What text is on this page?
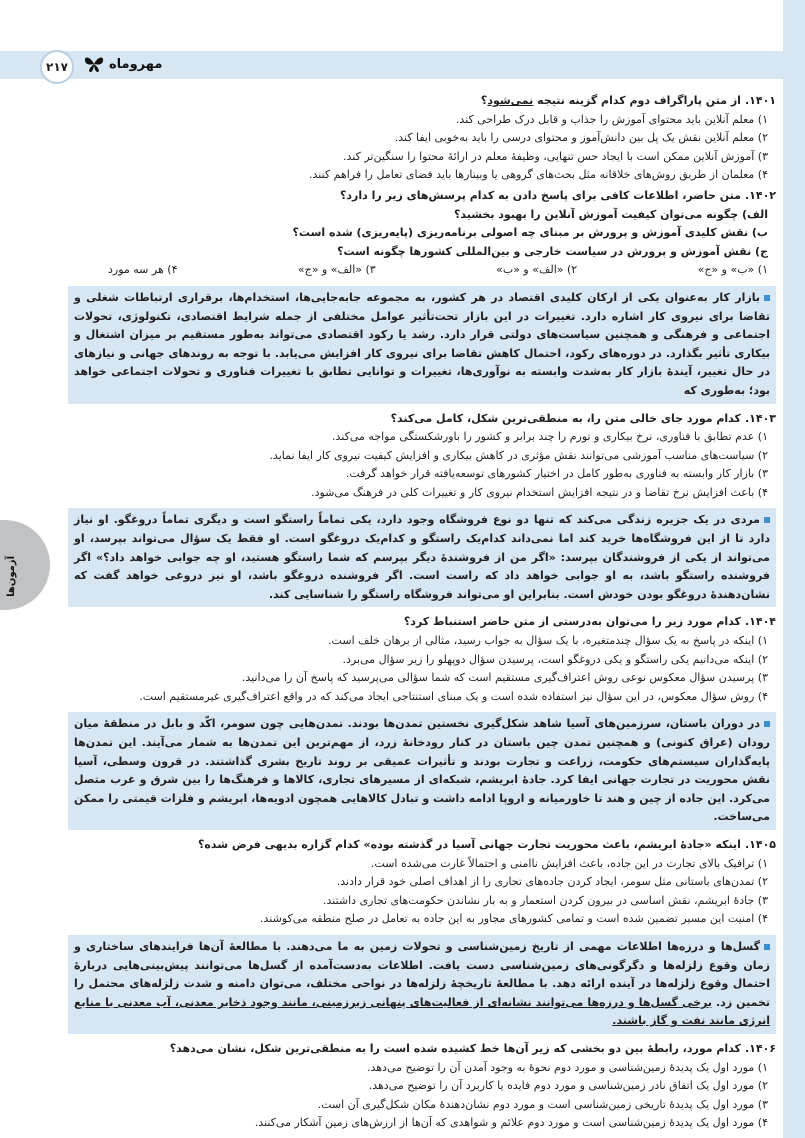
۲۱۷	مهروماه
آزمون‌ها
۱۴۰۱.از متن پاراگراف دوم کدام گزینه نتیجه نمی‌شود؟
۱) معلم آنلاین باید محتوای آموزش را جذاب و قابل درک طراحی کند.
۲) معلم آنلاین نقش یک پل بین دانش‌آموز و محتوای درسی را باید به‌خوبی ایفا کند.
۳) آموزش آنلاین ممکن است با ایجاد حس تنهایی، وظیفهٔ معلم در ارائهٔ محتوا را سنگین‌تر کند.
۴) معلمان از طریق روش‌های خلاقانه مثل بحث‌های گروهی یا وبینارها باید فضای تعامل را فراهم کنند.
۱۴۰۲.متن حاضر، اطلاعات کافی برای پاسخ دادن به کدام پرسش‌های زیر را دارد؟
الف) چگونه می‌توان کیفیت آموزش آنلاین را بهبود بخشید؟
ب) نقش کلیدی آموزش و پرورش بر مبنای چه اصولی برنامه‌ریزی (پایه‌ریزی) شده است؟
ج) نقش آموزش و پرورش در سیاست خارجی و بین‌المللی کشورها چگونه است؟
۱) «ب» و «ج»
۲) «الف» و «ب»
۳) «الف» و «ج»
۴) هر سه مورد
بازار کار به‌عنوان یکی از ارکان کلیدی اقتصاد در هر کشور، به مجموعه جابه‌جایی‌ها، استخدام‌ها، برقراری ارتباطات شغلی و تقاضا برای نیروی کار اشاره دارد. تغییرات در این بازار تحت‌تأثیر عوامل مختلفی از جمله شرایط اقتصادی، تکنولوژی، تحولات اجتماعی و فرهنگی و همچنین سیاست‌های دولتی قرار دارد. رشد یا رکود اقتصادی می‌تواند به‌طور مستقیم بر میزان اشتغال و بیکاری تأثیر بگذارد. در دوره‌های رکود، احتمال کاهش تقاضا برای نیروی کار افزایش می‌یابد. با توجه به روندهای جهانی و نیازهای در حال تغییر، آیندهٔ بازار کار به‌شدت وابسته به نوآوری‌ها، تغییرات و توانایی تطابق با تغییرات فناوری و تحولات اجتماعی خواهد بود؛ به‌طوری که
۱۴۰۳.کدام مورد جای خالی متن را، به منطقی‌ترین شکل، کامل می‌کند؟
۱) عدم تطابق با فناوری، نرخ بیکاری و تورم را چند برابر و کشور را باورشکستگی مواجه می‌کند.
۲) سیاست‌های مناسب آموزشی می‌توانند نقش مؤثری در کاهش بیکاری و افزایش کیفیت نیروی کار ایفا نماید.
۳) بازار کار وابسته به فناوری به‌طور کامل در اختیار کشورهای توسعه‌یافته قرار خواهد گرفت.
۴) باعث افزایش نرخ تقاضا و در نتیجه افزایش استخدام نیروی کار و تغییرات کلی در فرهنگ می‌شود.
مردی در یک جزیره زندگی می‌کند که تنها دو نوع فروشگاه وجود دارد، یکی تماماً راستگو است و دیگری تماماً دروغگو. او نیاز دارد تا از این فروشگاه‌ها خرید کند اما نمی‌داند کدام‌یک راستگو و کدام‌یک دروغگو است. او فقط یک سؤال می‌تواند بپرسد، او می‌تواند از یکی از فروشندگان بپرسد: «اگر من از فروشندهٔ دیگر بپرسم که شما راستگو هستید، او چه جوابی خواهد داد؟» اگر فروشنده راستگو باشد، به او جوابی خواهد داد که راست است. اگر فروشنده دروغگو باشد، او نیز دروغی خواهد گفت که نشان‌دهندهٔ دروغگو بودن خودش است. بنابراین او می‌تواند فروشگاه راستگو را شناسایی کند.
۱۴۰۴.کدام مورد زیر را می‌توان به‌درستی از متن حاضر استنباط کرد؟
۱) اینکه در پاسخ به یک سؤال چندمتغیره، با یک سؤال به جواب رسید، مثالی از برهان خلف است.
۲) اینکه می‌دانیم یکی راستگو و یکی دروغگو است، پرسیدن سؤال دوپهلو را زیر سؤال می‌برد.
۳) پرسیدن سؤال معکوس نوعی روش اعتراف‌گیری مستقیم است که شما سؤالی می‌پرسید که پاسخ آن را می‌دانید.
۴) روش سؤال معکوس، در این سؤال نیز استفاده شده است و یک مبنای استنتاجی ایجاد می‌کند که در واقع اعتراف‌گیری غیرمستقیم است.
در دوران باستان، سرزمین‌های آسیا شاهد شکل‌گیری نخستین تمدن‌ها بودند. تمدن‌هایی چون سومر، اکّد و بابل در منطقهٔ میان رودان (عراق کنونی) و همچنین تمدن چین باستان در کنار رودخانهٔ زرد، از مهم‌ترین این تمدن‌ها به شمار می‌آیند. این تمدن‌ها پایه‌گذاران سیستم‌های حکومت، زراعت و تجارت بودند و تأثیرات عمیقی بر روند تاریخ بشری گذاشتند. در قرون وسطی، آسیا نقش محوریت در تجارت جهانی ایفا کرد. جادهٔ ابریشم، شبکه‌ای از مسیرهای تجاری، کالاها و فرهنگ‌ها را بین شرق و غرب متصل می‌کرد. این جاده از چین و هند تا خاورمیانه و اروپا ادامه داشت و تبادل کالاهایی همچون ادویه‌ها، ابریشم و فلزات قیمتی را ممکن می‌ساخت.
۱۴۰۵.اینکه «جادهٔ ابریشم، باعث محوریت تجارت جهانی آسیا در گذشته بوده» کدام گزاره بدیهی فرض شده؟
۱) ترافیک بالای تجارت در این جاده، باعث افزایش ناامنی و احتمالاً غارت می‌شده است.
۲) تمدن‌های باستانی مثل سومر، ایجاد کردن جاده‌های تجاری را از اهداف اصلی خود قرار دادند.
۳) جادهٔ ابریشم، نقش اساسی در بیرون کردن استعمار و به بار نشاندن حکومت‌های تجاری داشتند.
۴) امنیت این مسیر تضمین شده است و تمامی کشورهای مجاور به این جاده به تعامل در صلح منطقه می‌کوشند.
گسل‌ها و درزه‌ها اطلاعات مهمی از تاریخ زمین‌شناسی و تحولات زمین به ما می‌دهند. با مطالعهٔ آن‌ها فرایندهای ساختاری و زمان وقوع زلزله‌ها و دگرگونی‌های زمین‌شناسی دست یافت. اطلاعات به‌دست‌آمده از گسل‌ها می‌توانند پیش‌بینی‌هایی دربارهٔ احتمال وقوع زلزله‌ها در آینده ارائه دهد. با مطالعهٔ تاریخچهٔ زلزله‌ها در نواحی مختلف، می‌توان دامنه و شدت زلزله‌های محتمل را تخمین زد. برخی گسل‌ها و درزه‌ها می‌توانند نشانه‌ای از فعالیت‌های پنهانی زیرزمینی، مانند وجود ذخایر معدنی، آب معدنی یا منابع انرژی مانند نفت و گاز باشند.
۱۴۰۶.کدام مورد، رابطهٔ بین دو بخشی که زیر آن‌ها خط کشیده شده است را به منطقی‌ترین شکل، نشان می‌دهد؟
۱) مورد اول یک پدیدهٔ زمین‌شناسی و مورد دوم نحوهٔ به وجود آمدن آن را توضیح می‌دهد.
۲) مورد اول یک اتفاق نادر زمین‌شناسی و مورد دوم فایده یا کاربرد آن را توضیح می‌دهد.
۳) مورد اول یک پدیدهٔ تاریخی زمین‌شناسی است و مورد دوم نشان‌دهندهٔ مکان شکل‌گیری آن است.
۴) مورد اول یک پدیدهٔ زمین‌شناسی است و مورد دوم علائم و شواهدی که آن‌ها از ارزش‌های زمین آشکار می‌کنند.
